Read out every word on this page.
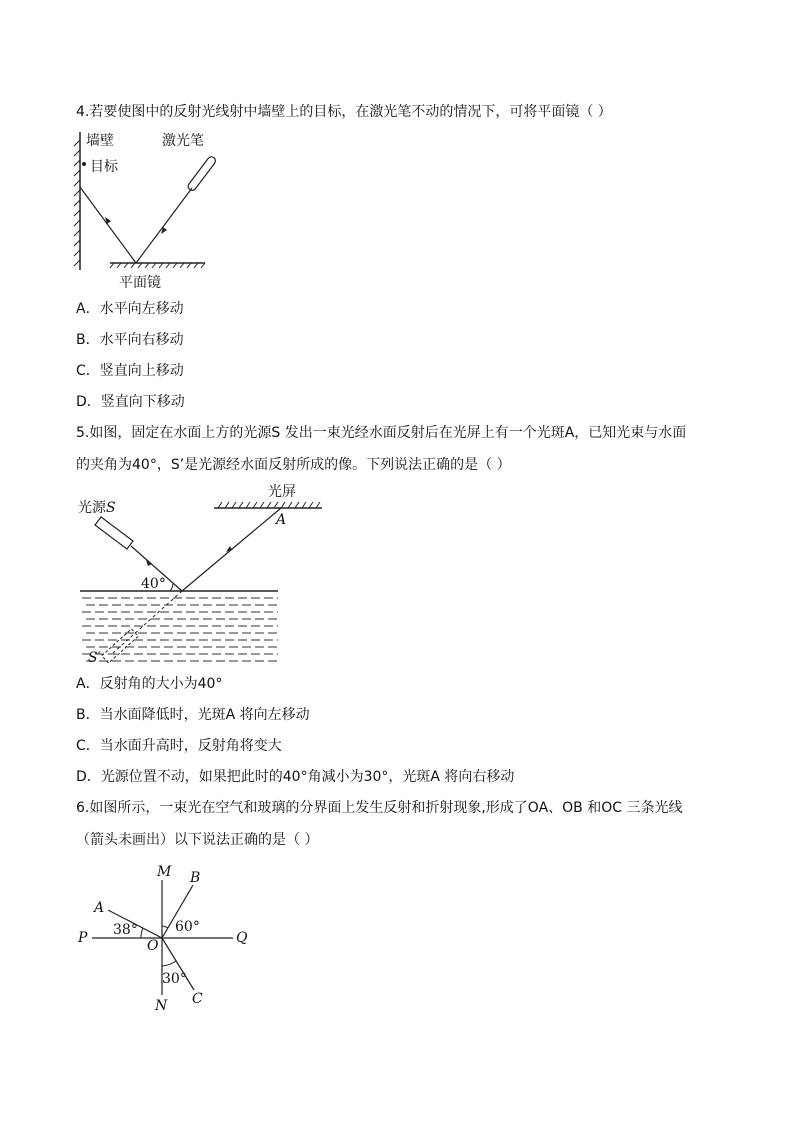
4.若要使图中的反射光线射中墙壁上的目标，在激光笔不动的情况下，可将平面镜（ ）
墙壁
目标
激光笔
平面镜
A．水平向左移动
B．水平向右移动
C．竖直向上移动
D．竖直向下移动
5.如图，固定在水面上方的光源S 发出一束光经水面反射后在光屏上有一个光斑A，已知光束与水面
的夹角为40°，S’是光源经水面反射所成的像。下列说法正确的是（ ）
光源S
光屏
A
40°
S′
A．反射角的大小为40°
B．当水面降低时，光斑A 将向左移动
C．当水面升高时，反射角将变大
D．光源位置不动，如果把此时的40°角减小为30°，光斑A 将向右移动
6.如图所示，一束光在空气和玻璃的分界面上发生反射和折射现象,形成了OA、OB 和OC 三条光线
（箭头未画出）以下说法正确的是（ ）
M B
A
38°	60°
P	Q
O
30°
C
N
